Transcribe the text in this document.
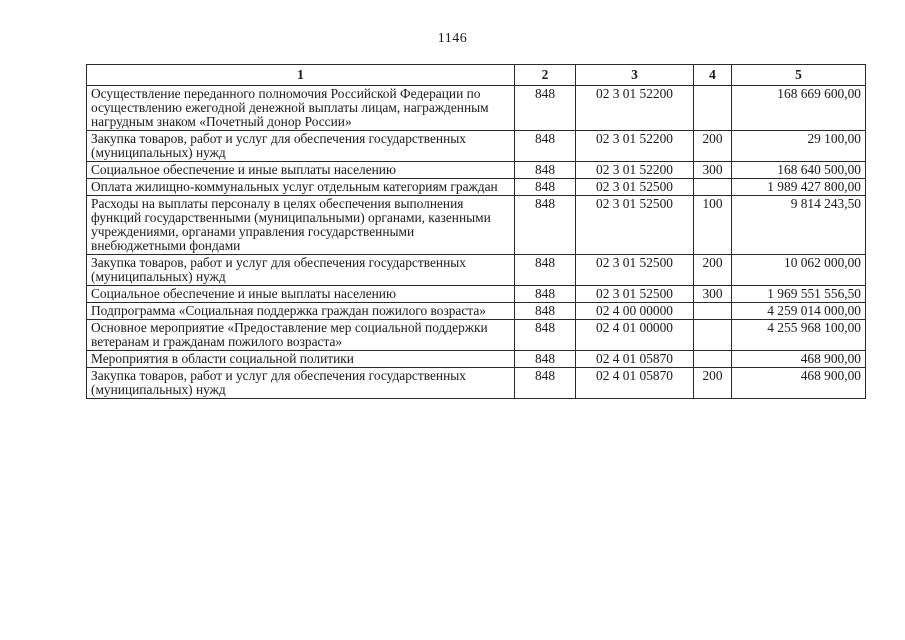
1146
1	2	3	4	5
Осуществление переданного полномочия Российской Федерации по осуществлению ежегодной денежной выплаты лицам, награжденным нагрудным знаком «Почетный донор России»	848	02 3 01 52200		168 669 600,00
Закупка товаров, работ и услуг для обеспечения государственных (муниципальных) нужд	848	02 3 01 52200	200	29 100,00
Социальное обеспечение и иные выплаты населению	848	02 3 01 52200	300	168 640 500,00
Оплата жилищно-коммунальных услуг отдельным категориям граждан	848	02 3 01 52500		1 989 427 800,00
Расходы на выплаты персоналу в целях обеспечения выполнения функций государственными (муниципальными) органами, казенными учреждениями, органами управления государственными внебюджетными фондами	848	02 3 01 52500	100	9 814 243,50
Закупка товаров, работ и услуг для обеспечения государственных (муниципальных) нужд	848	02 3 01 52500	200	10 062 000,00
Социальное обеспечение и иные выплаты населению	848	02 3 01 52500	300	1 969 551 556,50
Подпрограмма «Социальная поддержка граждан пожилого возраста»	848	02 4 00 00000		4 259 014 000,00
Основное мероприятие «Предоставление мер социальной поддержки ветеранам и гражданам пожилого возраста»	848	02 4 01 00000		4 255 968 100,00
Мероприятия в области социальной политики	848	02 4 01 05870		468 900,00
Закупка товаров, работ и услуг для обеспечения государственных (муниципальных) нужд	848	02 4 01 05870	200	468 900,00
